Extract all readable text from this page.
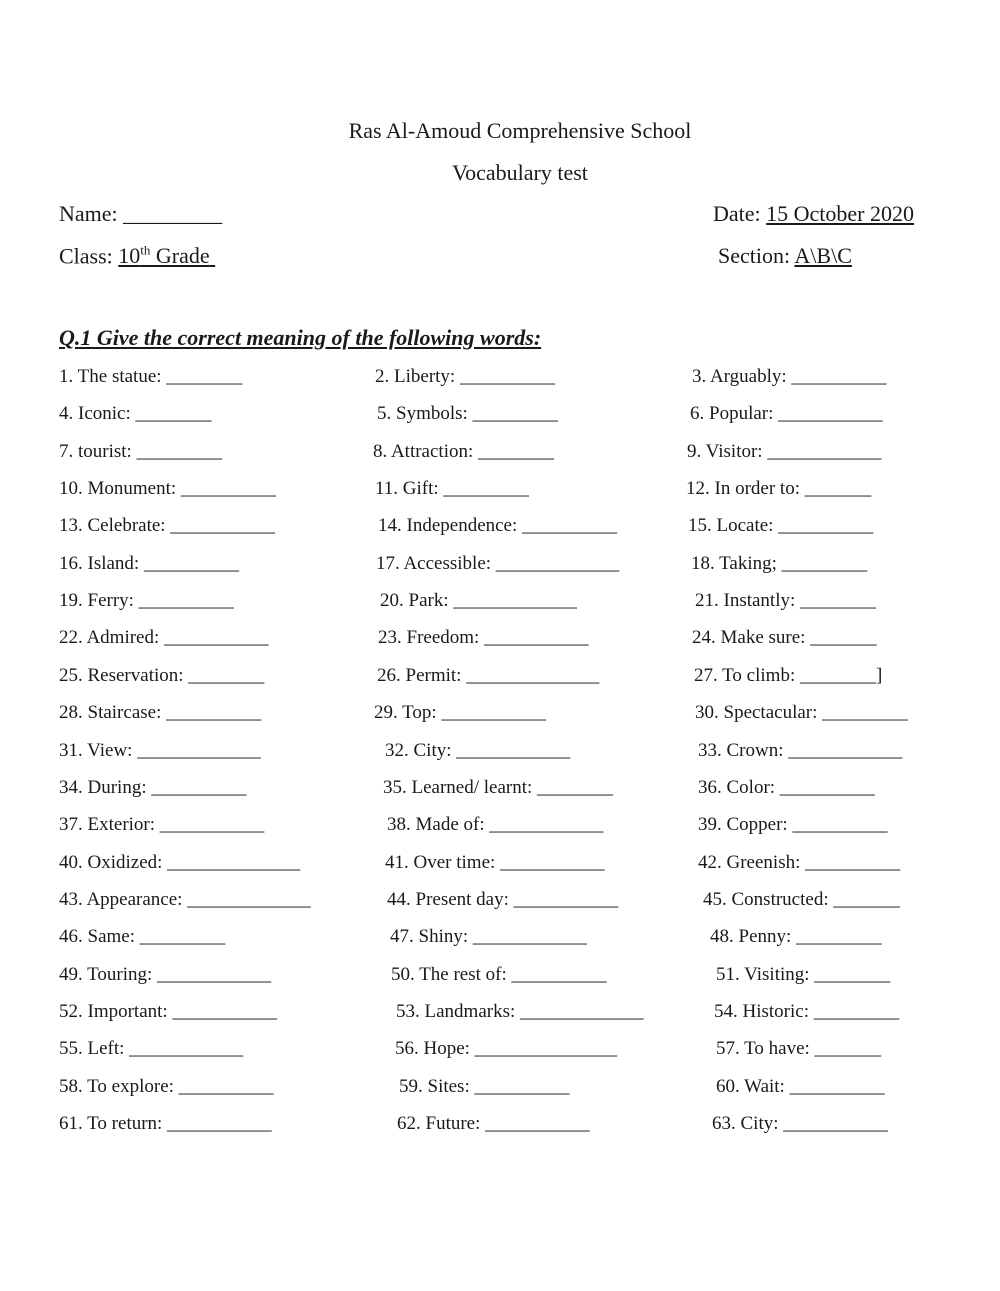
Ras Al-Amoud Comprehensive School
Vocabulary test
Name: _________	Date: 15 October 2020
Class: 10th Grade	Section: A\B\C
Q.1 Give the correct meaning of the following words:
1. The statue: ________	2. Liberty: __________	3. Arguably: __________
4. Iconic: ________	5. Symbols: _________	6. Popular: ___________
7. tourist: _________	8. Attraction: ________	9. Visitor: ____________
10. Monument: __________	11. Gift: _________	12. In order to: _______
13. Celebrate: ___________	14. Independence: __________	15. Locate: __________
16. Island: __________	17. Accessible: _____________	18. Taking; _________
19. Ferry: __________	20. Park: _____________	21. Instantly: ________
22. Admired: ___________	23. Freedom: ___________	24. Make sure: _______
25. Reservation: ________	26. Permit: ______________	27. To climb: ________]
28. Staircase: __________	29. Top: ___________	30. Spectacular: _________
31. View: _____________	32. City: ____________	33. Crown: ____________
34. During: __________	35. Learned/ learnt: ________	36. Color: __________
37. Exterior: ___________	38. Made of: ____________	39. Copper: __________
40. Oxidized: ______________	41. Over time: ___________	42. Greenish: __________
43. Appearance: _____________	44. Present day: ___________	45. Constructed: _______
46. Same: _________	47. Shiny: ____________	48. Penny: _________
49. Touring: ____________	50. The rest of: __________	51. Visiting: ________
52. Important: ___________	53. Landmarks: _____________	54. Historic: _________
55. Left: ____________	56. Hope: _______________	57. To have: _______
58. To explore: __________	59. Sites: __________	60. Wait: __________
61. To return: ___________	62. Future: ___________	63. City: ___________
